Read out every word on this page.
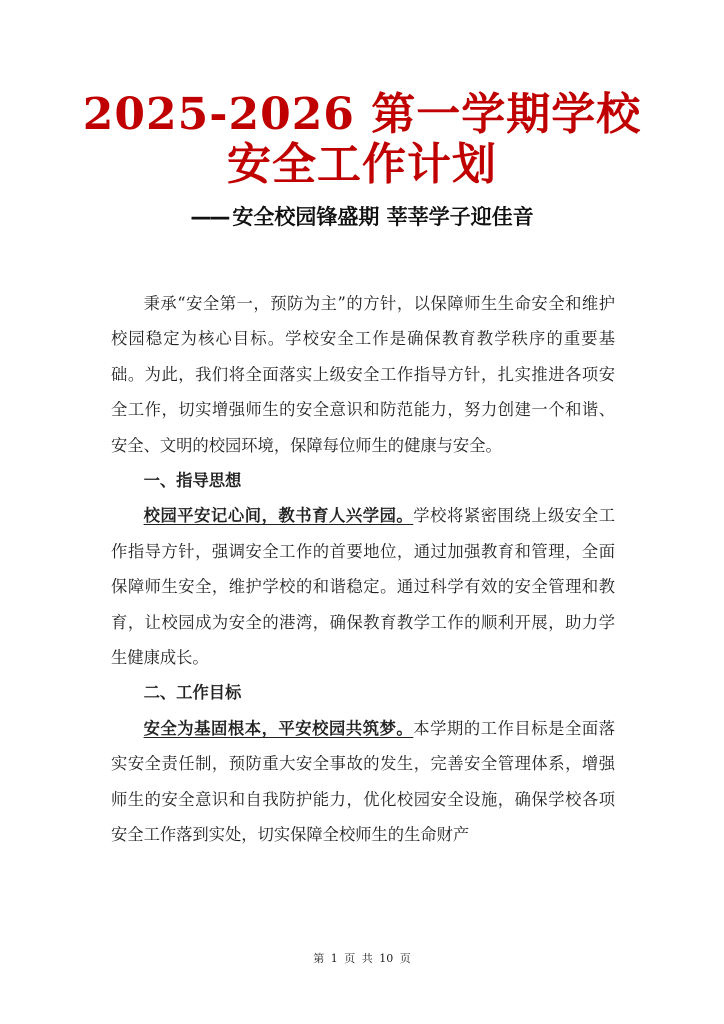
2025-2026 第一学期学校
安全工作计划
—— 安全校园锋盛期 莘莘学子迎佳音

秉承“安全第一，预防为主”的方针，以保障师生生命安全和维护校园稳定为核心目标。学校安全工作是确保教育教学秩序的重要基础。为此，我们将全面落实上级安全工作指导方针，扎实推进各项安全工作，切实增强师生的安全意识和防范能力，努力创建一个和谐、安全、文明的校园环境，保障每位师生的健康与安全。

一、指导思想

校园平安记心间，教书育人兴学园。学校将紧密围绕上级安全工作指导方针，强调安全工作的首要地位，通过加强教育和管理，全面保障师生安全，维护学校的和谐稳定。通过科学有效的安全管理和教育，让校园成为安全的港湾，确保教育教学工作的顺利开展，助力学生健康成长。

二、工作目标

安全为基固根本，平安校园共筑梦。本学期的工作目标是全面落实安全责任制，预防重大安全事故的发生，完善安全管理体系，增强师生的安全意识和自我防护能力，优化校园安全设施，确保学校各项安全工作落到实处，切实保障全校师生的生命财产

第 1 页 共 10 页
